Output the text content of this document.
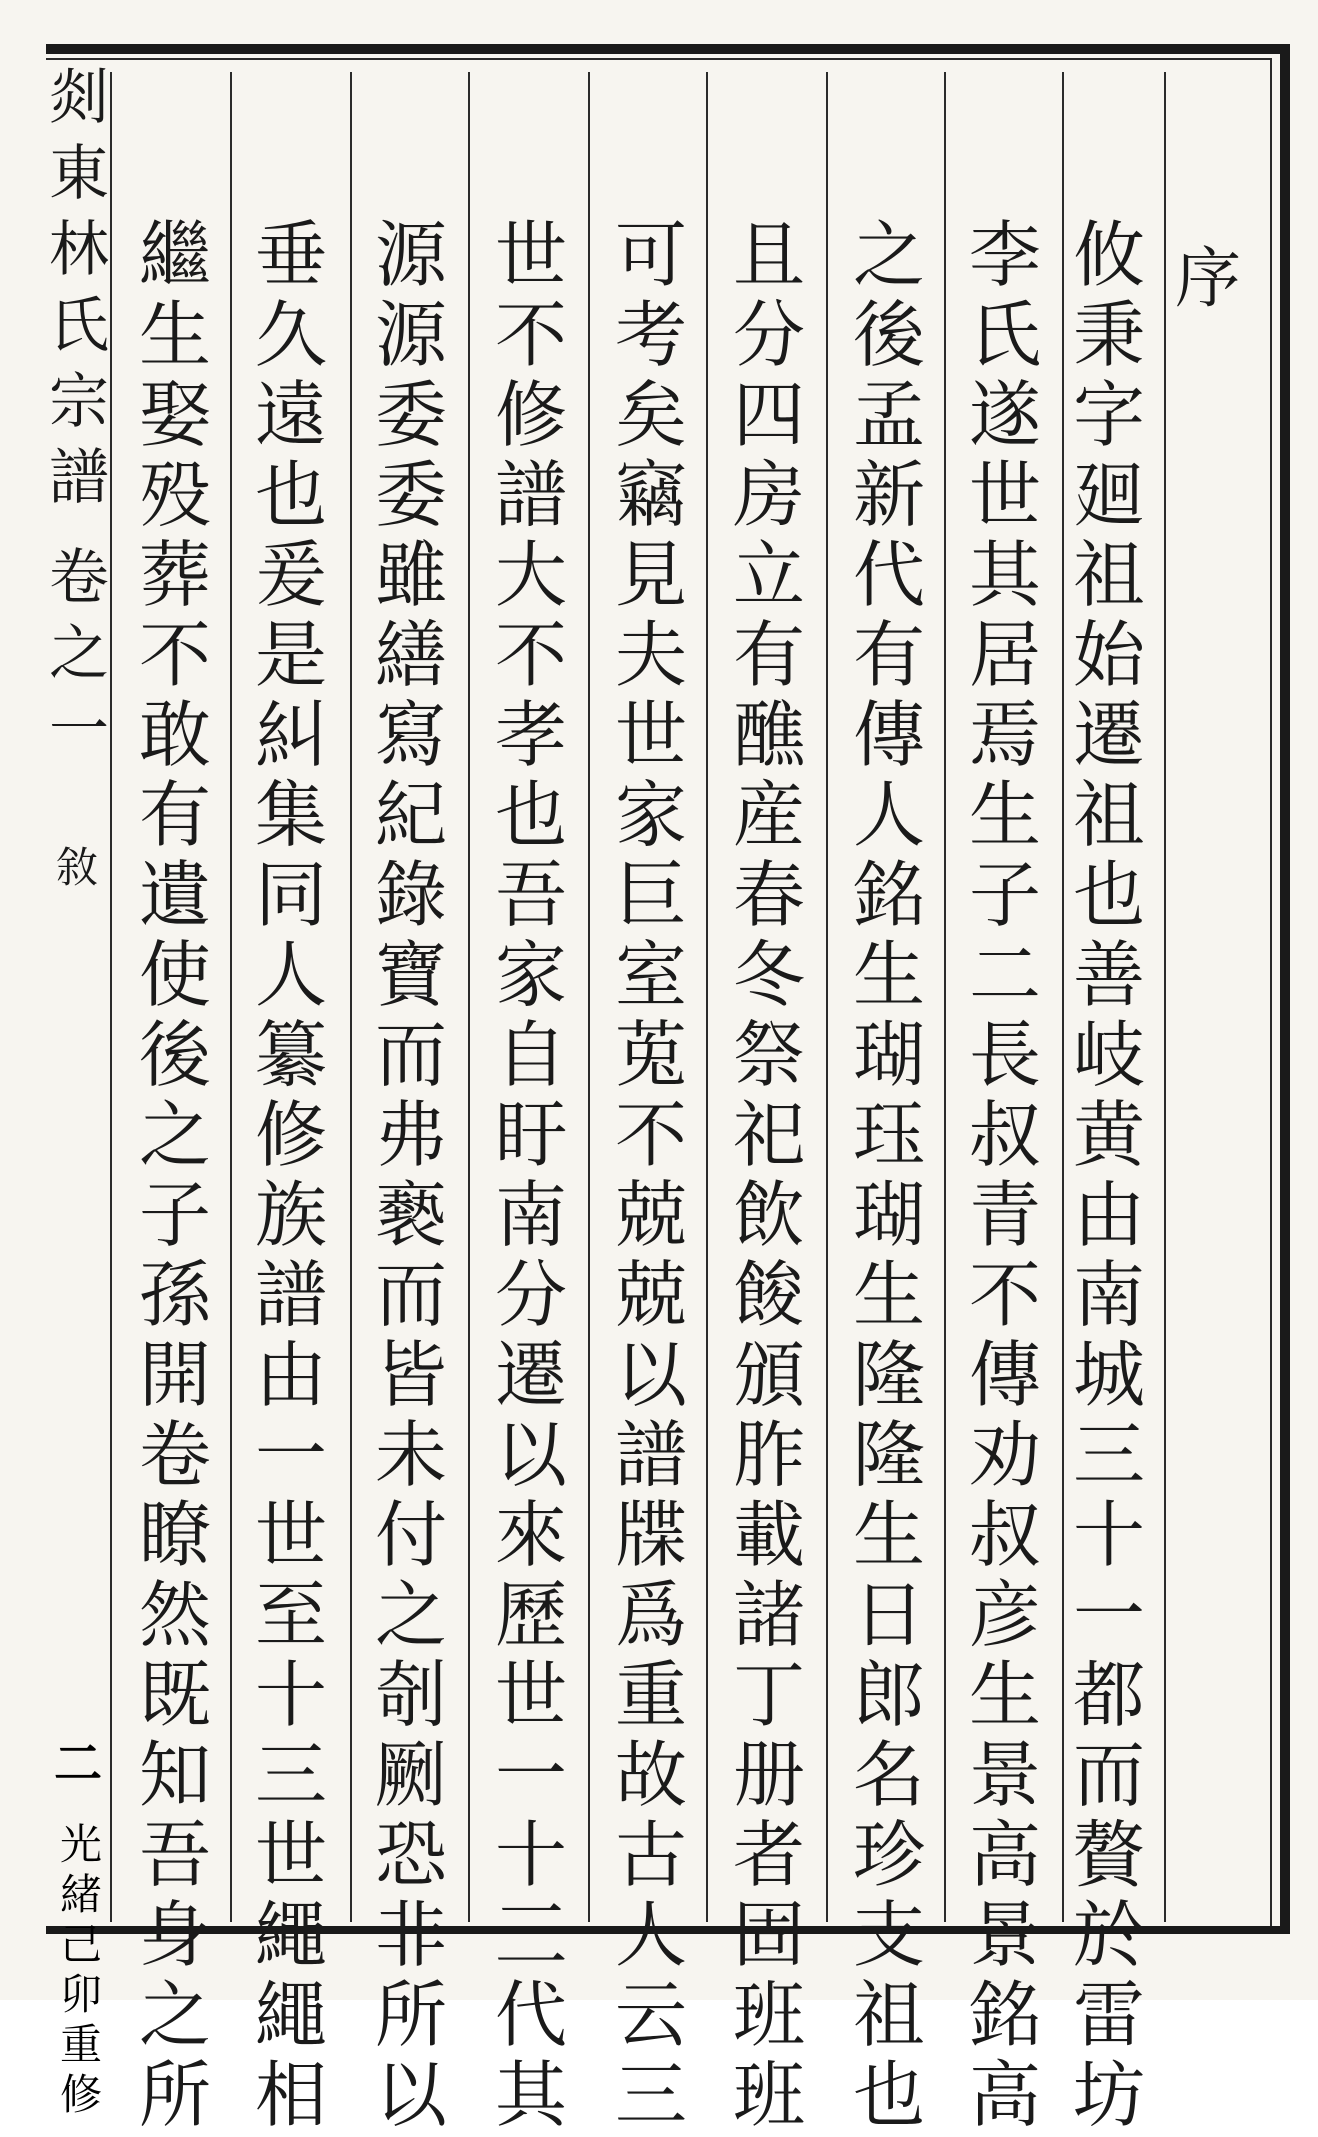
序
攸
秉
字
廻
祖
始
遷
祖
也
善
岐
黄
由
南
城
三
十
一
都
而
贅
於
雷
坊
李
氏
遂
世
其
居
焉
生
子
二
長
叔
青
不
傳
劝
叔
彦
生
景
高
景
銘
高
之
後
孟
新
代
有
傳
人
銘
生
瑚
珏
瑚
生
隆
隆
生
日
郎
名
珍
支
祖
也
且
分
四
房
立
有
醮
産
春
冬
祭
祀
飲
餕
頒
胙
載
諸
丁
册
者
固
班
班
可
考
矣
竊
見
夫
世
家
巨
室
莵
不
兢
兢
以
譜
牒
爲
重
故
古
人
云
三
世
不
修
譜
大
不
孝
也
吾
家
自
盱
南
分
遷
以
來
歷
世
一
十
三
代
其
源
源
委
委
雖
繕
寫
紀
錄
寶
而
弗
褻
而
皆
未
付
之
剞
劂
恐
非
所
以
垂
久
遠
也
爰
是
糾
集
同
人
纂
修
族
譜
由
一
世
至
十
三
世
繩
繩
相
繼
生
娶
殁
葬
不
敢
有
遺
使
後
之
子
孫
開
卷
瞭
然
既
知
吾
身
之
所
剡
東
林
氏
宗
譜
卷
之
一
敘
二
光
緒
己
卯
重
修
